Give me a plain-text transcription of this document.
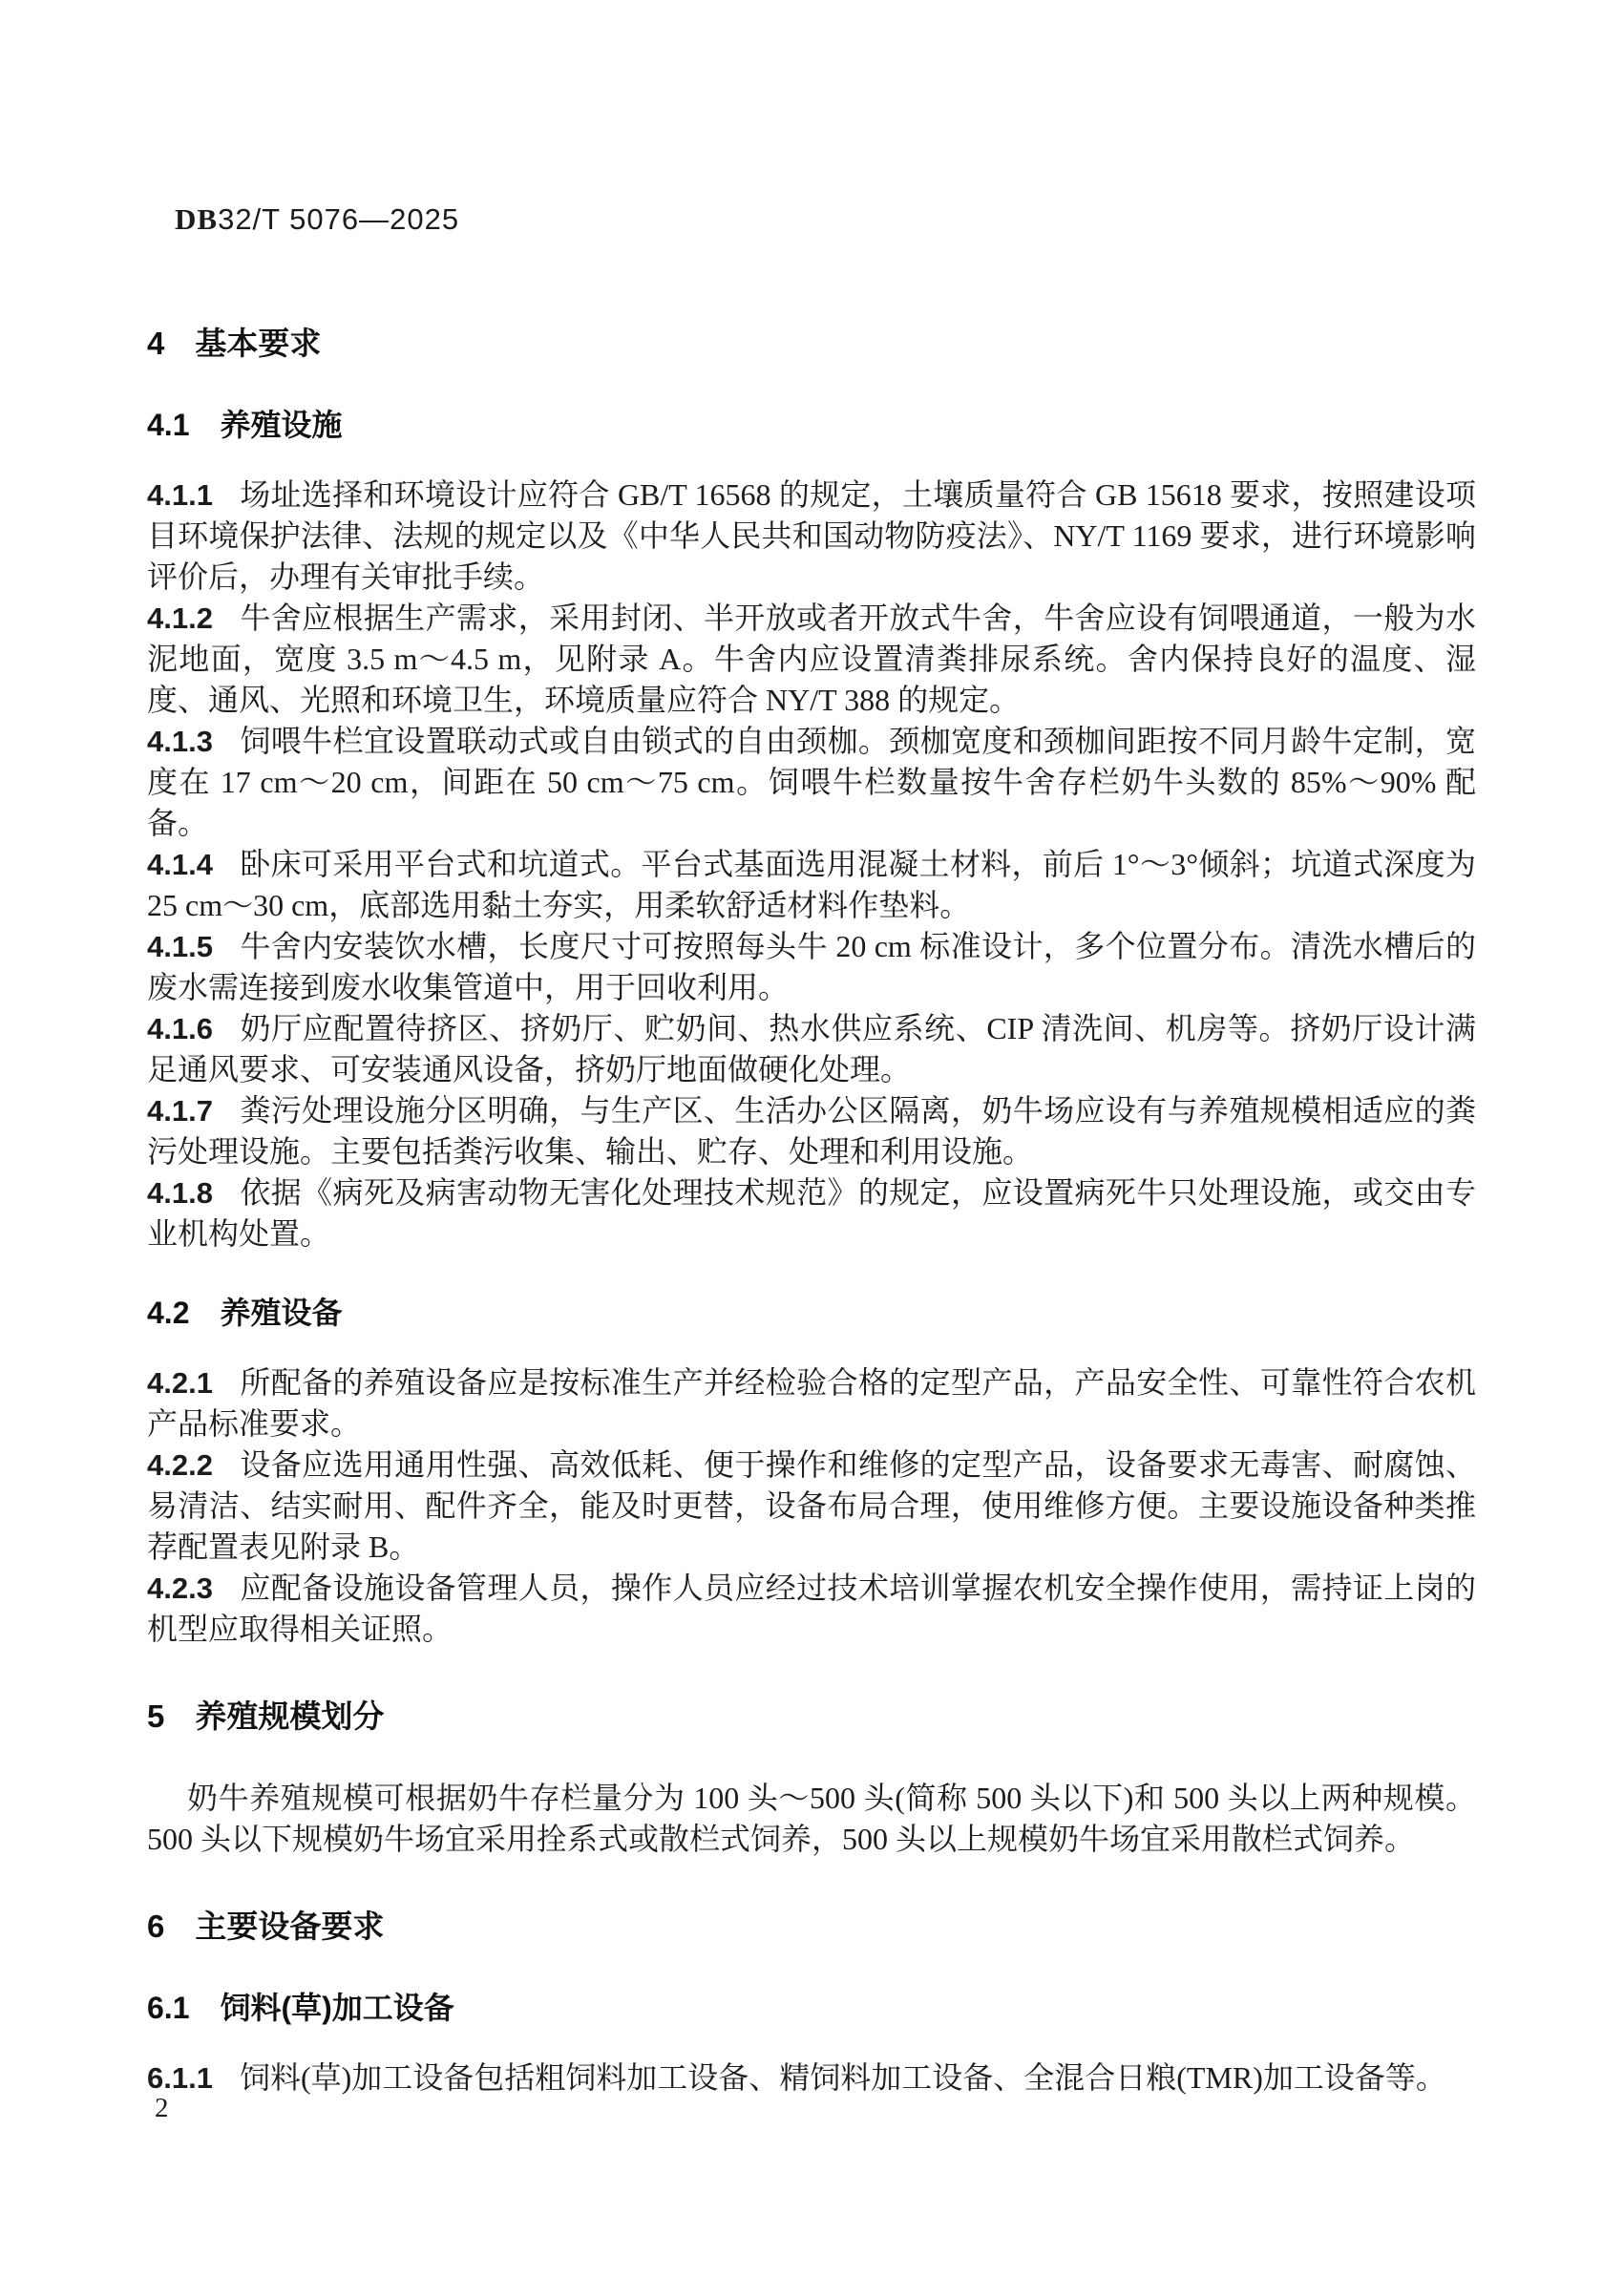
DB32/T 5076—2025
4 基本要求
4.1 养殖设施

4.1.1 场址选择和环境设计应符合 GB/T 16568 的规定，土壤质量符合 GB 15618 要求，按照建设项目环境保护法律、法规的规定以及《中华人民共和国动物防疫法》、NY/T 1169 要求，进行环境影响评价后，办理有关审批手续。

4.1.2 牛舍应根据生产需求，采用封闭、半开放或者开放式牛舍，牛舍应设有饲喂通道，一般为水泥地面，宽度 3.5 m～4.5 m，见附录 A。牛舍内应设置清粪排尿系统。舍内保持良好的温度、湿度、通风、光照和环境卫生，环境质量应符合 NY/T 388 的规定。

4.1.3 饲喂牛栏宜设置联动式或自由锁式的自由颈枷。颈枷宽度和颈枷间距按不同月龄牛定制，宽度在 17 cm～20 cm，间距在 50 cm～75 cm。饲喂牛栏数量按牛舍存栏奶牛头数的 85%～90% 配备。

4.1.4 卧床可采用平台式和坑道式。平台式基面选用混凝土材料，前后 1°～3°倾斜；坑道式深度为 25 cm～30 cm，底部选用黏土夯实，用柔软舒适材料作垫料。

4.1.5 牛舍内安装饮水槽，长度尺寸可按照每头牛 20 cm 标准设计，多个位置分布。清洗水槽后的废水需连接到废水收集管道中，用于回收利用。

4.1.6 奶厅应配置待挤区、挤奶厅、贮奶间、热水供应系统、CIP 清洗间、机房等。挤奶厅设计满足通风要求、可安装通风设备，挤奶厅地面做硬化处理。

4.1.7 粪污处理设施分区明确，与生产区、生活办公区隔离，奶牛场应设有与养殖规模相适应的粪污处理设施。主要包括粪污收集、输出、贮存、处理和利用设施。

4.1.8 依据《病死及病害动物无害化处理技术规范》的规定，应设置病死牛只处理设施，或交由专业机构处置。

4.2 养殖设备

4.2.1 所配备的养殖设备应是按标准生产并经检验合格的定型产品，产品安全性、可靠性符合农机产品标准要求。

4.2.2 设备应选用通用性强、高效低耗、便于操作和维修的定型产品，设备要求无毒害、耐腐蚀、易清洁、结实耐用、配件齐全，能及时更替，设备布局合理，使用维修方便。主要设施设备种类推荐配置表见附录 B。

4.2.3 应配备设施设备管理人员，操作人员应经过技术培训掌握农机安全操作使用，需持证上岗的机型应取得相关证照。

5 养殖规模划分

奶牛养殖规模可根据奶牛存栏量分为 100 头～500 头(简称 500 头以下)和 500 头以上两种规模。500 头以下规模奶牛场宜采用拴系式或散栏式饲养，500 头以上规模奶牛场宜采用散栏式饲养。

6 主要设备要求
6.1 饲料(草)加工设备

6.1.1 饲料(草)加工设备包括粗饲料加工设备、精饲料加工设备、全混合日粮(TMR)加工设备等。

2
